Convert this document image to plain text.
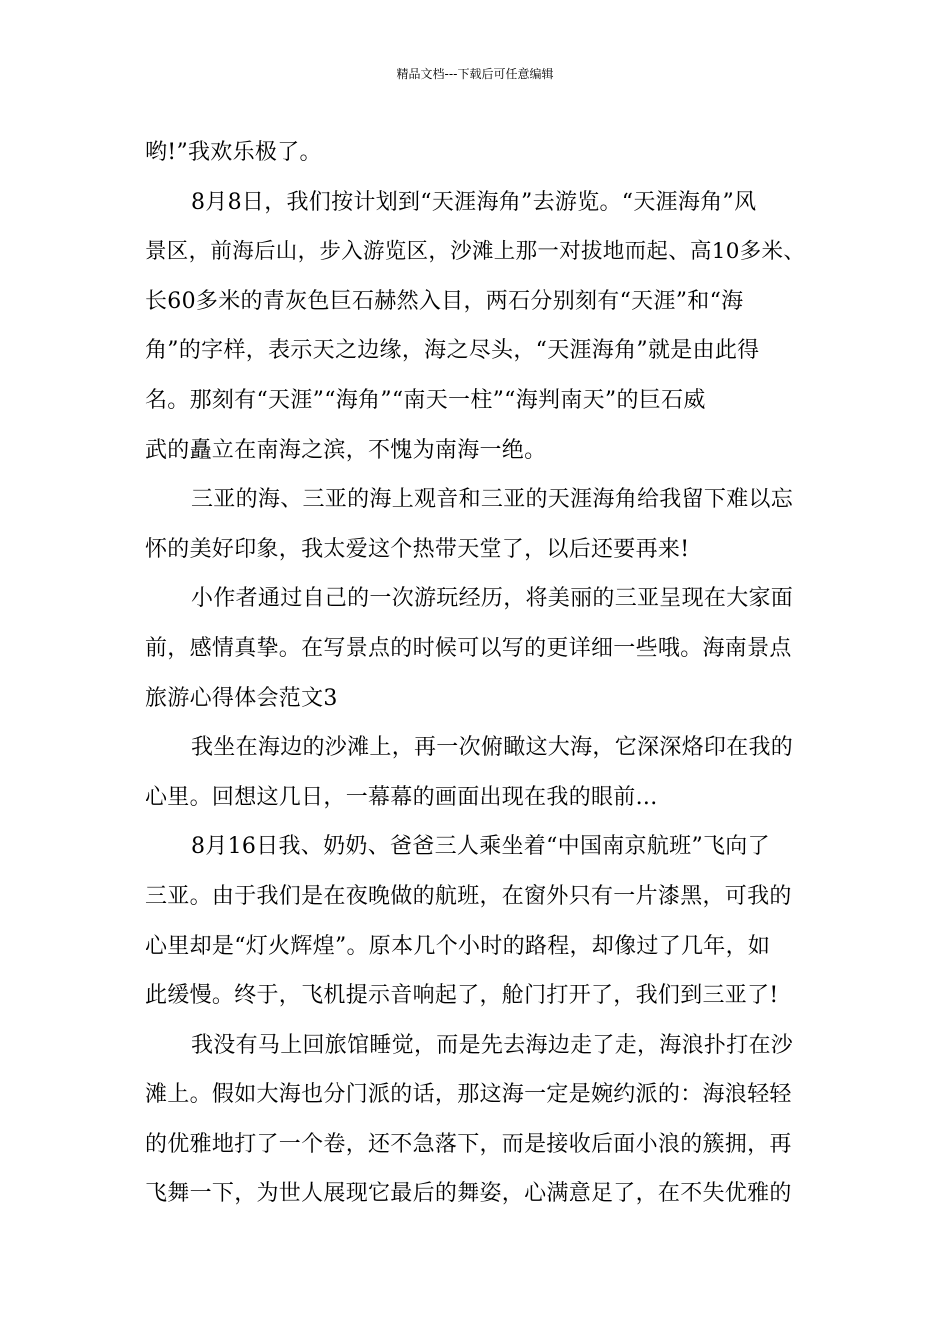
精品文档---下载后可任意编辑
哟!”我欢乐极了。
8月8日，我们按计划到“天涯海角”去游览。“天涯海角”风
景区，前海后山，步入游览区，沙滩上那一对拔地而起、高10多米、
长60多米的青灰色巨石赫然入目，两石分别刻有“天涯”和“海
角”的字样，表示天之边缘，海之尽头，“天涯海角”就是由此得
名。那刻有“天涯”“海角”“南天一柱”“海判南天”的巨石威
武的矗立在南海之滨，不愧为南海一绝。
三亚的海、三亚的海上观音和三亚的天涯海角给我留下难以忘
怀的美好印象，我太爱这个热带天堂了，以后还要再来!
小作者通过自己的一次游玩经历，将美丽的三亚呈现在大家面
前，感情真挚。在写景点的时候可以写的更详细一些哦。海南景点
旅游心得体会范文3
我坐在海边的沙滩上，再一次俯瞰这大海，它深深烙印在我的
心里。回想这几日，一幕幕的画面出现在我的眼前...
8月16日我、奶奶、爸爸三人乘坐着“中国南京航班”飞向了
三亚。由于我们是在夜晚做的航班，在窗外只有一片漆黑，可我的
心里却是“灯火辉煌”。原本几个小时的路程，却像过了几年，如
此缓慢。终于，飞机提示音响起了，舱门打开了，我们到三亚了!
我没有马上回旅馆睡觉，而是先去海边走了走，海浪扑打在沙
滩上。假如大海也分门派的话，那这海一定是婉约派的：海浪轻轻
的优雅地打了一个卷，还不急落下，而是接收后面小浪的簇拥，再
飞舞一下，为世人展现它最后的舞姿，心满意足了，在不失优雅的
